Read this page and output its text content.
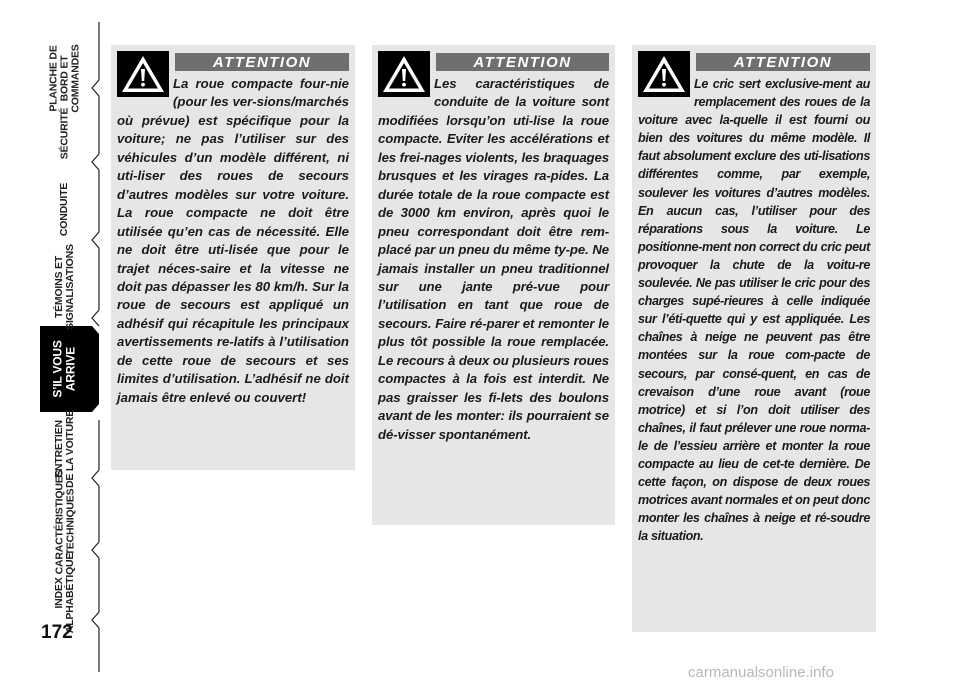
PLANCHE DE
BORD ET
COMMANDES
SÉCURITÉ
CONDUITE
TÉMOINS ET
SIGNALISATIONS
S’IL VOUS
ARRIVE
ENTRETIEN
DE LA VOITURE
CARACTÉRISTIQUES
TECHNIQUES
INDEX
ALPHABÉTIQUE
172
ATTENTION
La roue compacte four-nie (pour les ver-sions/marchés où prévue) est spécifique pour la voiture; ne pas l’utiliser sur des véhicules d’un modèle différent, ni uti-liser des roues de secours d’autres modèles sur votre voiture. La roue compacte ne doit être utilisée qu’en cas de nécessité. Elle ne doit être uti-lisée que pour le trajet néces-saire et la vitesse ne doit pas dépasser les 80 km/h. Sur la roue de secours est appliqué un adhésif qui récapitule les principaux avertissements re-latifs à l’utilisation de cette roue de secours et ses limites d’utilisation. L’adhésif ne doit jamais être enlevé ou couvert!
ATTENTION
Les caractéristiques de conduite de la voiture sont modifiées lorsqu’on uti-lise la roue compacte. Eviter les accélérations et les frei-nages violents, les braquages brusques et les virages ra-pides. La durée totale de la roue compacte est de 3000 km environ, après quoi le pneu correspondant doit être rem-placé par un pneu du même ty-pe. Ne jamais installer un pneu traditionnel sur une jante pré-vue pour l’utilisation en tant que roue de secours. Faire ré-parer et remonter le plus tôt possible la roue remplacée. Le recours à deux ou plusieurs roues compactes à la fois est interdit. Ne pas graisser les fi-lets des boulons avant de les monter: ils pourraient se dé-visser spontanément.
ATTENTION
Le cric sert exclusive-ment au remplacement des roues de la voiture avec la-quelle il est fourni ou bien des voitures du même modèle. Il faut absolument exclure des uti-lisations différentes comme, par exemple, soulever les voitures d’autres modèles. En aucun cas, l’utiliser pour des réparations sous la voiture. Le positionne-ment non correct du cric peut provoquer la chute de la voitu-re soulevée. Ne pas utiliser le cric pour des charges supé-rieures à celle indiquée sur l’éti-quette qui y est appliquée. Les chaînes à neige ne peuvent pas être montées sur la roue com-pacte de secours, par consé-quent, en cas de crevaison d’une roue avant (roue motrice) et si l’on doit utiliser des chaînes, il faut prélever une roue norma-le de l’essieu arrière et monter la roue compacte au lieu de cet-te dernière. De cette façon, on dispose de deux roues motrices avant normales et on peut donc monter les chaînes à neige et ré-soudre la situation.
carmanualsonline.info
